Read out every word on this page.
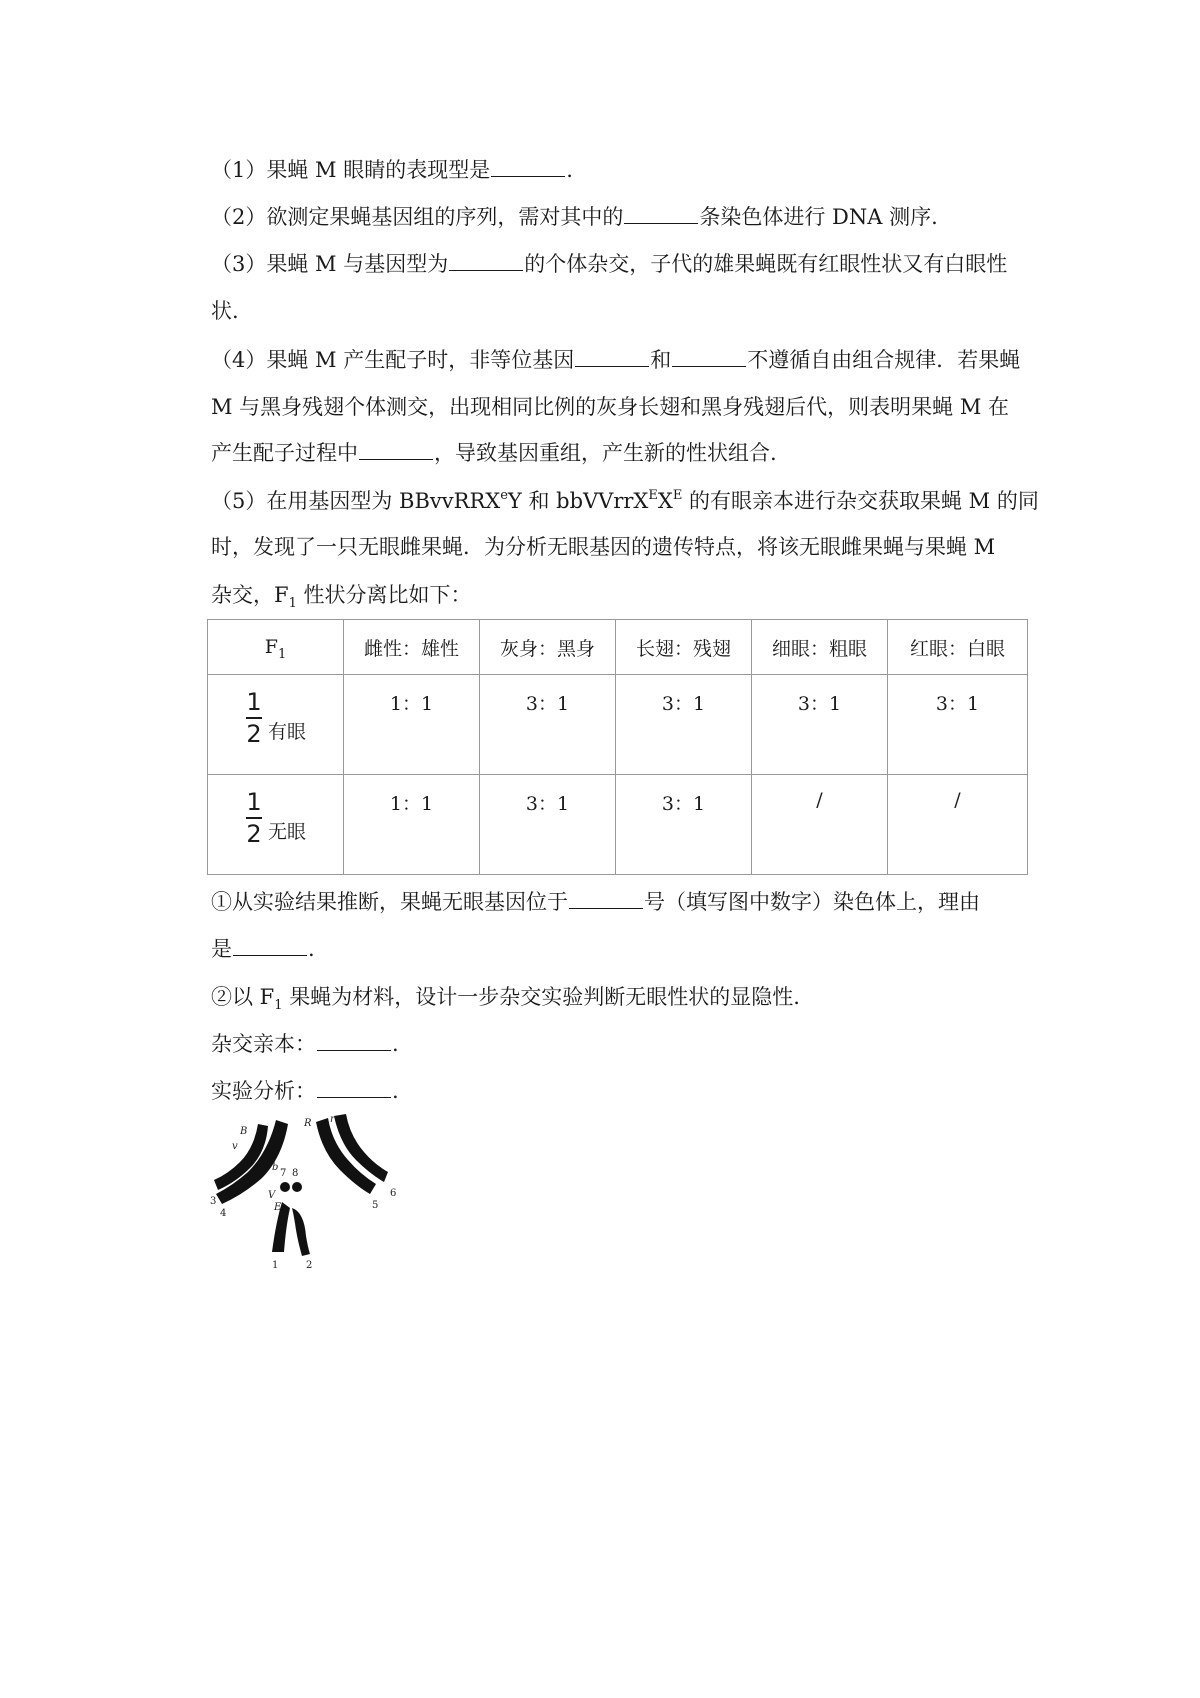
（1）果蝇 M 眼睛的表现型是	.
（2）欲测定果蝇基因组的序列，需对其中的	条染色体进行 DNA 测序.
（3）果蝇 M 与基因型为	的个体杂交，子代的雄果蝇既有红眼性状又有白眼性
状.
（4）果蝇 M 产生配子时，非等位基因	和	不遵循自由组合规律．若果蝇
M 与黑身残翅个体测交，出现相同比例的灰身长翅和黑身残翅后代，则表明果蝇 M 在
产生配子过程中	，导致基因重组，产生新的性状组合.
（5）在用基因型为 BBvvRRX$^e$Y 和 $bbVVrrX^EX^E$ 的有眼亲本进行杂交获取果蝇 M 的同
时，发现了一只无眼雌果蝇．为分析无眼基因的遗传特点，将该无眼雌果蝇与果蝇 M
杂交，$F_1$ 性状分离比如下：
$F_1$	雌性：雄性	灰身：黑身	长翅：残翅	细眼：粗眼	红眼：白眼

1
2 有眼	1：1	3：1	3：1	3：1	3：1

1
2 无眼	1：1	3：1	3：1	/	/
①从实验结果推断，果蝇无眼基因位于	号（填写图中数字）染色体上，理由
是	.
②以 $F_1$ 果蝇为材料，设计一步杂交实验判断无眼性状的显隐性.
杂交亲本：	.
实验分析：	.
B
v
b
V
E
R r
1	2
3
4
5
6
7 8
